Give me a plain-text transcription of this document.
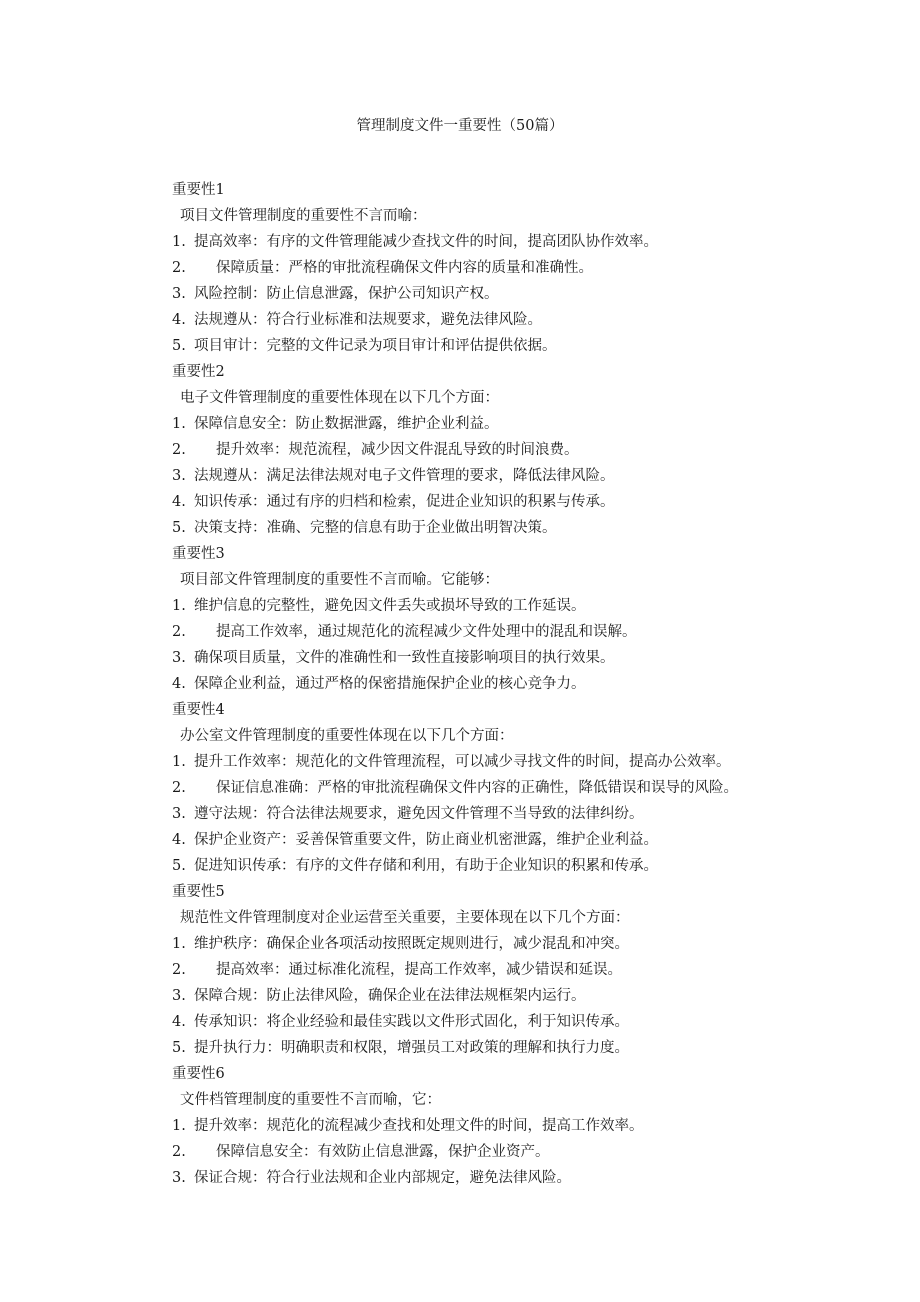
管理制度文件一重要性（50篇）
重要性1
项目文件管理制度的重要性不言而喻：
1. 提高效率：有序的文件管理能减少查找文件的时间，提高团队协作效率。
2.	保障质量：严格的审批流程确保文件内容的质量和准确性。
3. 风险控制：防止信息泄露，保护公司知识产权。
4. 法规遵从：符合行业标准和法规要求，避免法律风险。
5. 项目审计：完整的文件记录为项目审计和评估提供依据。
重要性2
电子文件管理制度的重要性体现在以下几个方面：
1. 保障信息安全：防止数据泄露，维护企业利益。
2.	提升效率：规范流程，减少因文件混乱导致的时间浪费。
3. 法规遵从：满足法律法规对电子文件管理的要求，降低法律风险。
4. 知识传承：通过有序的归档和检索，促进企业知识的积累与传承。
5. 决策支持：准确、完整的信息有助于企业做出明智决策。
重要性3
项目部文件管理制度的重要性不言而喻。它能够：
1. 维护信息的完整性，避免因文件丢失或损坏导致的工作延误。
2.	提高工作效率，通过规范化的流程减少文件处理中的混乱和误解。
3. 确保项目质量，文件的准确性和一致性直接影响项目的执行效果。
4. 保障企业利益，通过严格的保密措施保护企业的核心竞争力。
重要性4
办公室文件管理制度的重要性体现在以下几个方面：
1. 提升工作效率：规范化的文件管理流程，可以减少寻找文件的时间，提高办公效率。
2.	保证信息准确：严格的审批流程确保文件内容的正确性，降低错误和误导的风险。
3. 遵守法规：符合法律法规要求，避免因文件管理不当导致的法律纠纷。
4. 保护企业资产：妥善保管重要文件，防止商业机密泄露，维护企业利益。
5. 促进知识传承：有序的文件存储和利用，有助于企业知识的积累和传承。
重要性5
规范性文件管理制度对企业运营至关重要，主要体现在以下几个方面：
1. 维护秩序：确保企业各项活动按照既定规则进行，减少混乱和冲突。
2.	提高效率：通过标准化流程，提高工作效率，减少错误和延误。
3. 保障合规：防止法律风险，确保企业在法律法规框架内运行。
4. 传承知识：将企业经验和最佳实践以文件形式固化，利于知识传承。
5. 提升执行力：明确职责和权限，增强员工对政策的理解和执行力度。
重要性6
文件档管理制度的重要性不言而喻，它：
1. 提升效率：规范化的流程减少查找和处理文件的时间，提高工作效率。
2.	保障信息安全：有效防止信息泄露，保护企业资产。
3. 保证合规：符合行业法规和企业内部规定，避免法律风险。
